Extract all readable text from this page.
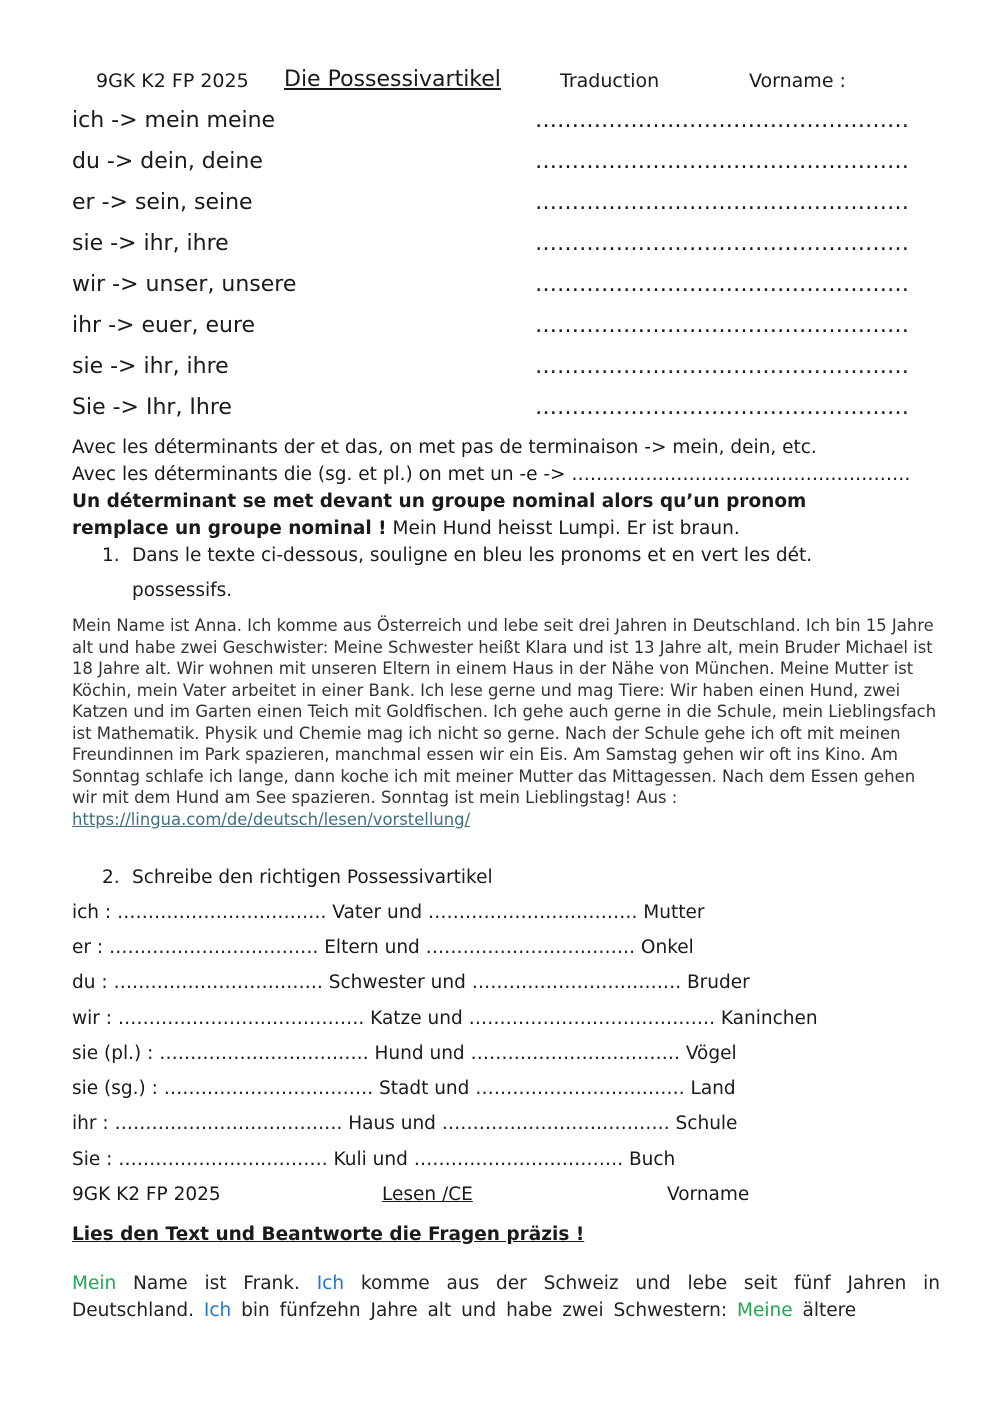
9GK K2 FP 2025 Die Possessivartikel	Traduction	Vorname :
ich -> mein meine	……………………………………………
du -> dein, deine	……………………………………………
er -> sein, seine	……………………………………………
sie -> ihr, ihre	……………………………………………
wir -> unser, unsere	……………………………………………
ihr -> euer, eure	……………………………………………
sie -> ihr, ihre	……………………………………………
Sie -> Ihr, Ihre	……………………………………………
Avec les déterminants der et das, on met pas de terminaison -> mein, dein, etc.
Avec les déterminants die (sg. et pl.) on met un -e -> ……………………………………………….
Un déterminant se met devant un groupe nominal alors qu’un pronom
remplace un groupe nominal ! Mein Hund heisst Lumpi. Er ist braun.
1. Dans le texte ci-dessous, souligne en bleu les pronoms et en vert les dét.
possessifs.
Mein Name ist Anna. Ich komme aus Österreich und lebe seit drei Jahren in Deutschland. Ich bin 15 Jahre alt und habe zwei Geschwister: Meine Schwester heißt Klara und ist 13 Jahre alt, mein Bruder Michael ist 18 Jahre alt. Wir wohnen mit unseren Eltern in einem Haus in der Nähe von München. Meine Mutter ist Köchin, mein Vater arbeitet in einer Bank. Ich lese gerne und mag Tiere: Wir haben einen Hund, zwei Katzen und im Garten einen Teich mit Goldfischen. Ich gehe auch gerne in die Schule, mein Lieblingsfach ist Mathematik. Physik und Chemie mag ich nicht so gerne. Nach der Schule gehe ich oft mit meinen Freundinnen im Park spazieren, manchmal essen wir ein Eis. Am Samstag gehen wir oft ins Kino. Am Sonntag schlafe ich lange, dann koche ich mit meiner Mutter das Mittagessen. Nach dem Essen gehen wir mit dem Hund am See spazieren. Sonntag ist mein Lieblingstag! Aus : https://lingua.com/de/deutsch/lesen/vorstellung/
2. Schreibe den richtigen Possessivartikel
ich : ……………………………. Vater und ……………………………. Mutter
er : ……………………………. Eltern und ……………………………. Onkel
du : ……………………………. Schwester und ……………………………. Bruder
wir : …………………………………. Katze und …………………………………. Kaninchen
sie (pl.) : ……………………………. Hund und ……………………………. Vögel
sie (sg.) : ……………………………. Stadt und ……………………………. Land
ihr : ………………………………. Haus und ………………………………. Schule
Sie : ……………………………. Kuli und ……………………………. Buch
9GK K2 FP 2025	Lesen /CE	Vorname
Lies den Text und Beantworte die Fragen präzis !
Mein Name ist Frank. Ich komme aus der Schweiz und lebe seit fünf Jahren in Deutschland. Ich bin fünfzehn Jahre alt und habe zwei Schwestern: Meine ältere
